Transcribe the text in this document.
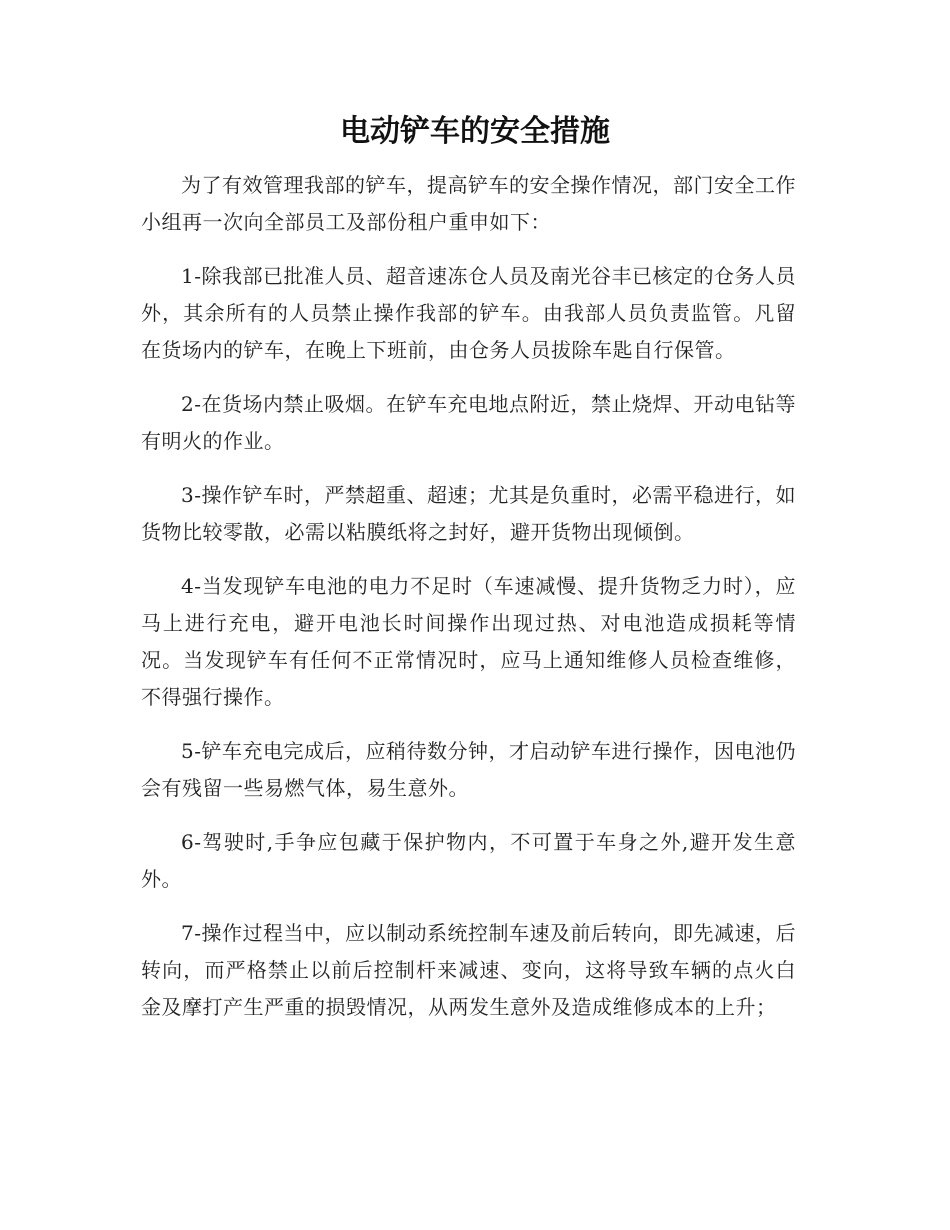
电动铲车的安全措施

为了有效管理我部的铲车，提高铲车的安全操作情况，部门安全工作小组再一次向全部员工及部份租户重申如下：

1-除我部已批准人员、超音速冻仓人员及南光谷丰已核定的仓务人员外，其余所有的人员禁止操作我部的铲车。由我部人员负责监管。凡留在货场内的铲车，在晚上下班前，由仓务人员拔除车匙自行保管。

2-在货场内禁止吸烟。在铲车充电地点附近，禁止烧焊、开动电钻等有明火的作业。

3-操作铲车时，严禁超重、超速；尤其是负重时，必需平稳进行，如货物比较零散，必需以粘膜纸将之封好，避开货物出现倾倒。

4-当发现铲车电池的电力不足时（车速减慢、提升货物乏力时），应马上进行充电，避开电池长时间操作出现过热、对电池造成损耗等情况。当发现铲车有任何不正常情况时，应马上通知维修人员检查维修，不得强行操作。

5-铲车充电完成后，应稍待数分钟，才启动铲车进行操作，因电池仍会有残留一些易燃气体，易生意外。

6-驾驶时,手争应包藏于保护物内，不可置于车身之外,避开发生意外。

7-操作过程当中，应以制动系统控制车速及前后转向，即先减速，后转向，而严格禁止以前后控制杆来减速、变向，这将导致车辆的点火白金及摩打产生严重的损毁情况，从两发生意外及造成维修成本的上升；
